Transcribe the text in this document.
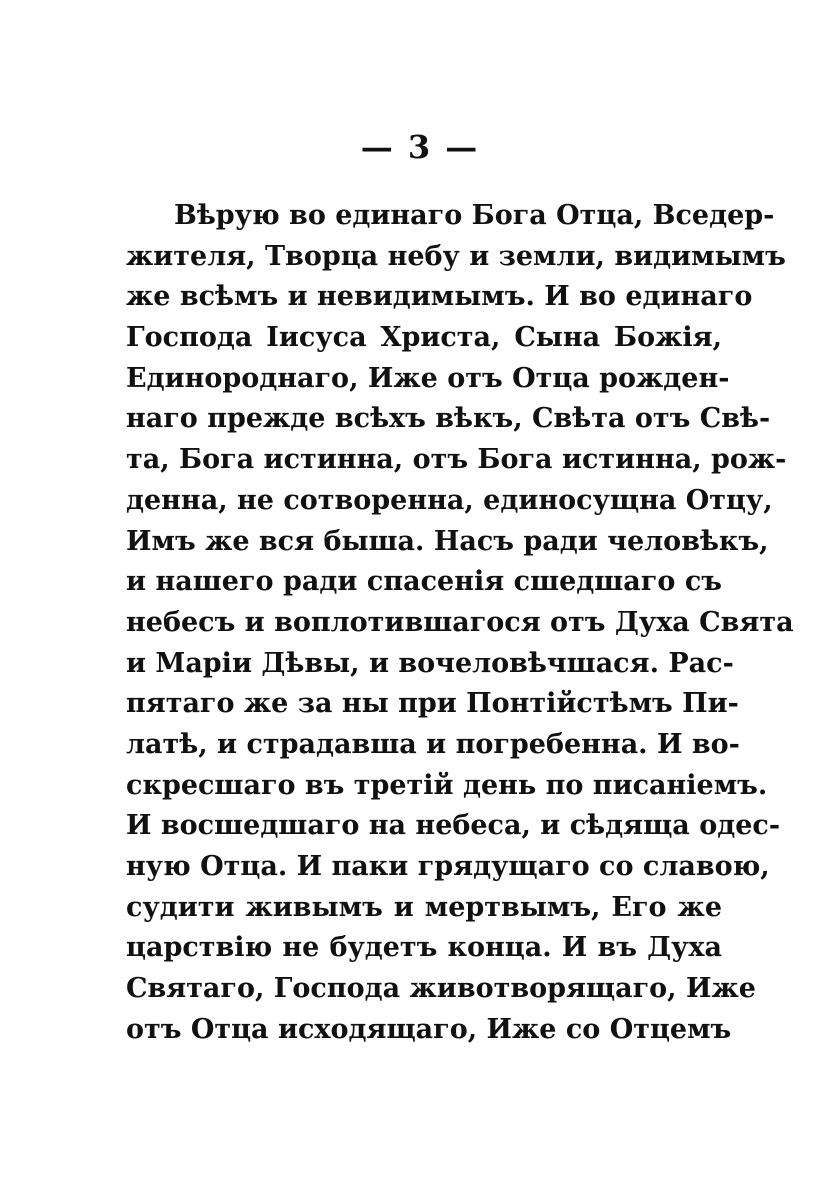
— 3 —
Вѣрую во единаго Бога Отца, Вседер-
жителя, Творца небу и земли, видимымъ
же всѣмъ и невидимымъ. И во единаго
Господа Іисуса Христа, Сына Божія,
Единороднаго, Иже отъ Отца рожден-
наго прежде всѣхъ вѣкъ, Свѣта отъ Свѣ-
та, Бога истинна, отъ Бога истинна, рож-
денна, не сотворенна, единосущна Отцу,
Имъ же вся быша. Насъ ради человѣкъ,
и нашего ради спасенія сшедшаго съ
небесъ и воплотившагося отъ Духа Свята
и Маріи Дѣвы, и вочеловѣчшася. Рас-
пятаго же за ны при Понтійстѣмъ Пи-
латѣ, и страдавша и погребенна. И во-
скресшаго въ третій день по писаніемъ.
И восшедшаго на небеса, и сѣдяща одес-
ную Отца. И паки грядущаго со славою,
судити живымъ и мертвымъ, Его же
царствію не будетъ конца. И въ Духа
Святаго, Господа животворящаго, Иже
отъ Отца исходящаго, Иже со Отцемъ
